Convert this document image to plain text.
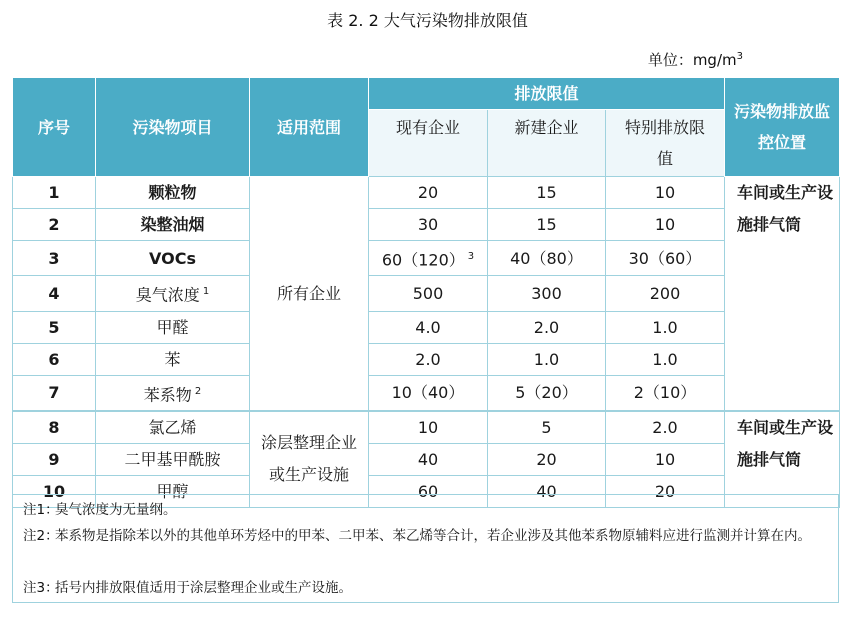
表 2. 2 大气污染物排放限值
单位：$mg/m^3$
序号	污染物项目	适用范围	排放限值			污染物排放监控位置
			现有企业	新建企业	特别排放限值	
1	颗粒物	所有企业	20	15	10	车间或生产设施排气筒
2	染整油烟		30	15	10	
3	VOCs		60（120） $^3$	40（80）	30（60）	
4	臭气浓度 $^1$		500	300	200	
5	甲醛		4.0	2.0	1.0	
6	苯		2.0	1.0	1.0	
7	苯系物 $^2$		10（40）	5（20）	2（10）	
8	氯乙烯	涂层整理企业或生产设施	10	5	2.0	车间或生产设施排气筒
9	二甲基甲酰胺		40	20	10	
10	甲醇		60	40	20	
注1：
臭气浓度为无量纲。
注2：
苯系物是指除苯以外的其他单环芳烃中的甲苯、二甲苯、苯乙烯等合计，若企业涉及其他苯系物原辅料应进行监测并计算在内。
注3：
括号内排放限值适用于涂层整理企业或生产设施。
